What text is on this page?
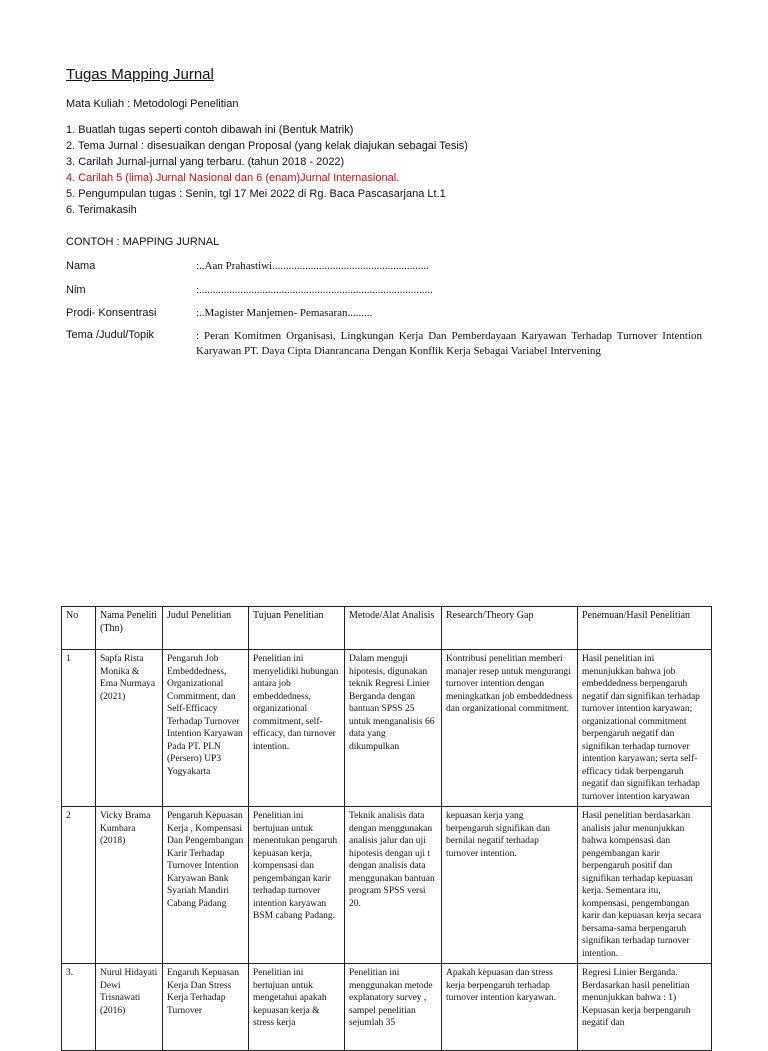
Tugas Mapping Jurnal
Mata Kuliah : Metodologi Penelitian
1. Buatlah tugas seperti contoh dibawah ini (Bentuk Matrik)
2. Tema Jurnal : disesuaikan dengan Proposal (yang kelak diajukan sebagai Tesis)
3. Carilah Jurnal-jurnal yang terbaru. (tahun 2018 - 2022)
4. Carilah 5 (lima) Jurnal Nasional dan 6 (enam)Jurnal Internasional.
5. Pengumpulan tugas : Senin, tgl 17 Mei 2022 di Rg. Baca Pascasarjana Lt.1
6. Terimakasih
CONTOH : MAPPING JURNAL
Nama	:..Aan Prahastiwi.........................................................
Nim	:.....................................................................................
Prodi- Konsentrasi	:..Magister Manjemen- Pemasaran.........
Tema /Judul/Topik	: Peran Komitmen Organisasi, Lingkungan Kerja Dan Pemberdayaan Karyawan Terhadap Turnover Intention Karyawan PT. Daya Cipta Dianrancana Dengan Konflik Kerja Sebagai Variabel Intervening
No	Nama Peneliti (Thn)	Judul Penelitian	Tujuan Penelitian	Metode/Alat Analisis	Research/Theory Gap	Penemuan/Hasil Penelitian
1	Sapfa Rista Monika & Ema Nurmaya (2021)	Pengaruh Job Embeddedness, Organizational Commitment, dan Self-Efficacy Terhadap Turnover Intention Karyawan Pada PT. PLN (Persero) UP3 Yogyakarta	Penelitian ini menyelidiki hubungan antara job embeddedness, organizational commitment, self-efficacy, dan turnover intention.	Dalam menguji hipotesis, digunakan teknik Regresi Linier Berganda dengan bantuan SPSS 25 untuk menganalisis 66 data yang dikumpulkan	Kontribusi penelitian memberi manajer resep untuk mengurangi turnover intention dengan meningkatkan job embeddedness dan organizational commitment.	Hasil penelitian ini menunjukkan bahwa job embeddedness berpengaruh negatif dan signifikan terhadap turnover intention karyawan; organizational commitment berpengaruh negatif dan signifikan terhadap turnover intention karyawan; serta self-efficacy tidak berpengaruh negatif dan signifikan terhadap turnover intention karyawan
2	Vicky Brama Kumbara (2018)	Pengaruh Kepuasan Kerja , Kompensasi Dan Pengembangan Karir Terhadap Turnover Intention Karyawan Bank Syariah Mandiri Cabang Padang	Penelitian ini bertujuan untuk menentukan pengaruh kepuasan kerja, kompensasi dan pengembangan karir terhadap turnover intention karyawan BSM cabang Padang.	Teknik analisis data dengan menggunakan analisis jalur dan uji hipotesis dengan uji t dengan analisis data menggunakan bantuan program SPSS versi 20.	kepuasan kerja yang berpengaruh signifikan dan bernilai negatif terhadap turnover intention.	Hasil penelitian berdasarkan analisis jalur menunjukkan bahwa kompensasi dan pengembangan karir berpengaruh positif dan signifikan terhadap kepuasan kerja. Sementara itu, kompensasi, pengembangan karir dan kepuasan kerja secara bersama-sama berpengaruh signifikan terhadap turnover intention.
3.	Nurul Hidayati Dewi Trisnawati (2016)	Engaruh Kepuasan Kerja Dan Stress Kerja Terhadap Turnover	Penelitian ini bertujuan untuk mengetahui apakah kepuasan kerja & stress kerja	Penelitian ini menggunakan metode explanatory survey , sampel penelitian sejumlah 35	Apakah kepuasan dan stress kerja berpengaruh terhadap turnover intention karyawan.	Regresi Linier Berganda. Berdasarkan hasil penelitian menunjukkan bahwa : 1) Kepuasan kerja berpengaruh negatif dan
